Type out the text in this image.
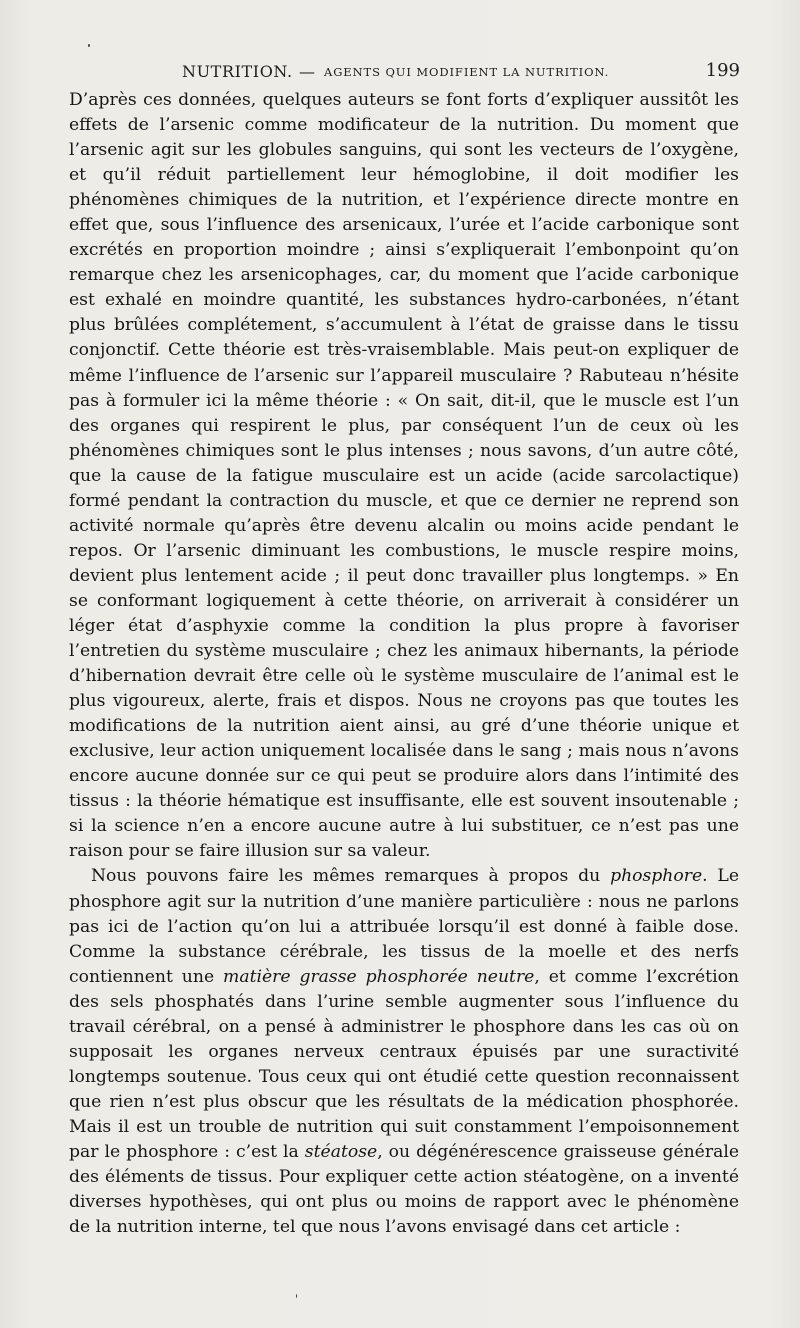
NUTRITION. — AGENTS QUI MODIFIENT LA NUTRITION.	199

D’après ces données, quelques auteurs se font forts d’expliquer aussitôt les effets de l’arsenic comme modificateur de la nutrition. Du moment que l’arsenic agit sur les globules sanguins, qui sont les vecteurs de l’oxygène, et qu’il réduit partiellement leur hémoglobine, il doit modifier les phénomènes chimiques de la nutrition, et l’expérience directe montre en effet que, sous l’influence des arsenicaux, l’urée et l’acide carbonique sont excrétés en proportion moindre ; ainsi s’expliquerait l’embonpoint qu’on remarque chez les arsenicophages, car, du moment que l’acide carbonique est exhalé en moindre quantité, les substances hydro-carbonées, n’étant plus brûlées complétement, s’accumulent à l’état de graisse dans le tissu conjonctif. Cette théorie est très-vraisemblable. Mais peut-on expliquer de même l’influence de l’arsenic sur l’appareil musculaire ? Rabuteau n’hésite pas à formuler ici la même théorie : « On sait, dit-il, que le muscle est l’un des organes qui respirent le plus, par conséquent l’un de ceux où les phénomènes chimiques sont le plus intenses ; nous savons, d’un autre côté, que la cause de la fatigue musculaire est un acide (acide sarcolactique) formé pendant la contraction du muscle, et que ce dernier ne reprend son activité normale qu’après être devenu alcalin ou moins acide pendant le repos. Or l’arsenic diminuant les combustions, le muscle respire moins, devient plus lentement acide ; il peut donc travailler plus longtemps. » En se conformant logiquement à cette théorie, on arriverait à considérer un léger état d’asphyxie comme la condition la plus propre à favoriser l’entretien du système musculaire ; chez les animaux hibernants, la période d’hibernation devrait être celle où le système musculaire de l’animal est le plus vigoureux, alerte, frais et dispos. Nous ne croyons pas que toutes les modifications de la nutrition aient ainsi, au gré d’une théorie unique et exclusive, leur action uniquement localisée dans le sang ; mais nous n’avons encore aucune donnée sur ce qui peut se produire alors dans l’intimité des tissus : la théorie hématique est insuffisante, elle est souvent insoutenable ; si la science n’en a encore aucune autre à lui substituer, ce n’est pas une raison pour se faire illusion sur sa valeur.

Nous pouvons faire les mêmes remarques à propos du phosphore. Le phosphore agit sur la nutrition d’une manière particulière : nous ne parlons pas ici de l’action qu’on lui a attribuée lorsqu’il est donné à faible dose. Comme la substance cérébrale, les tissus de la moelle et des nerfs contiennent une matière grasse phosphorée neutre, et comme l’excrétion des sels phosphatés dans l’urine semble augmenter sous l’influence du travail cérébral, on a pensé à administrer le phosphore dans les cas où on supposait les organes nerveux centraux épuisés par une suractivité longtemps soutenue. Tous ceux qui ont étudié cette question reconnaissent que rien n’est plus obscur que les résultats de la médication phosphorée. Mais il est un trouble de nutrition qui suit constamment l’empoisonnement par le phosphore : c’est la stéatose, ou dégénérescence graisseuse générale des éléments de tissus. Pour expliquer cette action stéatogène, on a inventé diverses hypothèses, qui ont plus ou moins de rapport avec le phénomène de la nutrition interne, tel que nous l’avons envisagé dans cet article :
